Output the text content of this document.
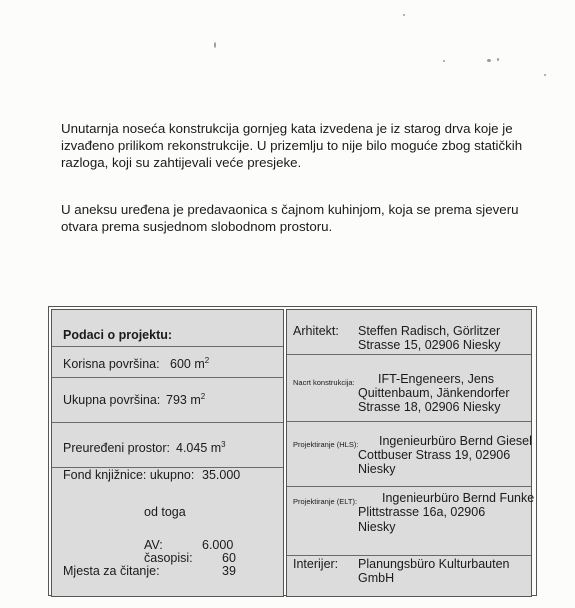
Unutarnja noseća konstrukcija gornjeg kata izvedena je iz starog drva koje je izvađeno prilikom rekonstrukcije. U prizemlju to nije bilo moguće zbog statičkih razloga, koji su zahtijevali veće presjeke.

U aneksu uređena je predavaonica s čajnom kuhinjom, koja se prema sjeveru otvara prema susjednom slobodnom prostoru.

Podaci o projektu:
Korisna površina: 600 $m^2$
Ukupna površina: 793 $m^2$
Preuređeni prostor: 4.045 $m^3$
Fond knjižnice: ukupno: 35.000
od toga
AV:	6.000
časopisi: 60
Mjesta za čitanje:	39
Arhitekt: Steffen Radisch, Görlitzer
Strasse 15, 02906 Niesky
Nacrt konstrukcija: IFT-Engeneers, Jens
Quittenbaum, Jänkendorfer
Strasse 18, 02906 Niesky
Projektiranje (HLS): Ingenieurbüro Bernd Giesel
Cottbuser Strass 19, 02906
Niesky
Projektiranje (ELT): Ingenieurbüro Bernd Funke
Plittstrasse 16a, 02906
Niesky
Interijer: Planungsbüro Kulturbauten
GmbH
